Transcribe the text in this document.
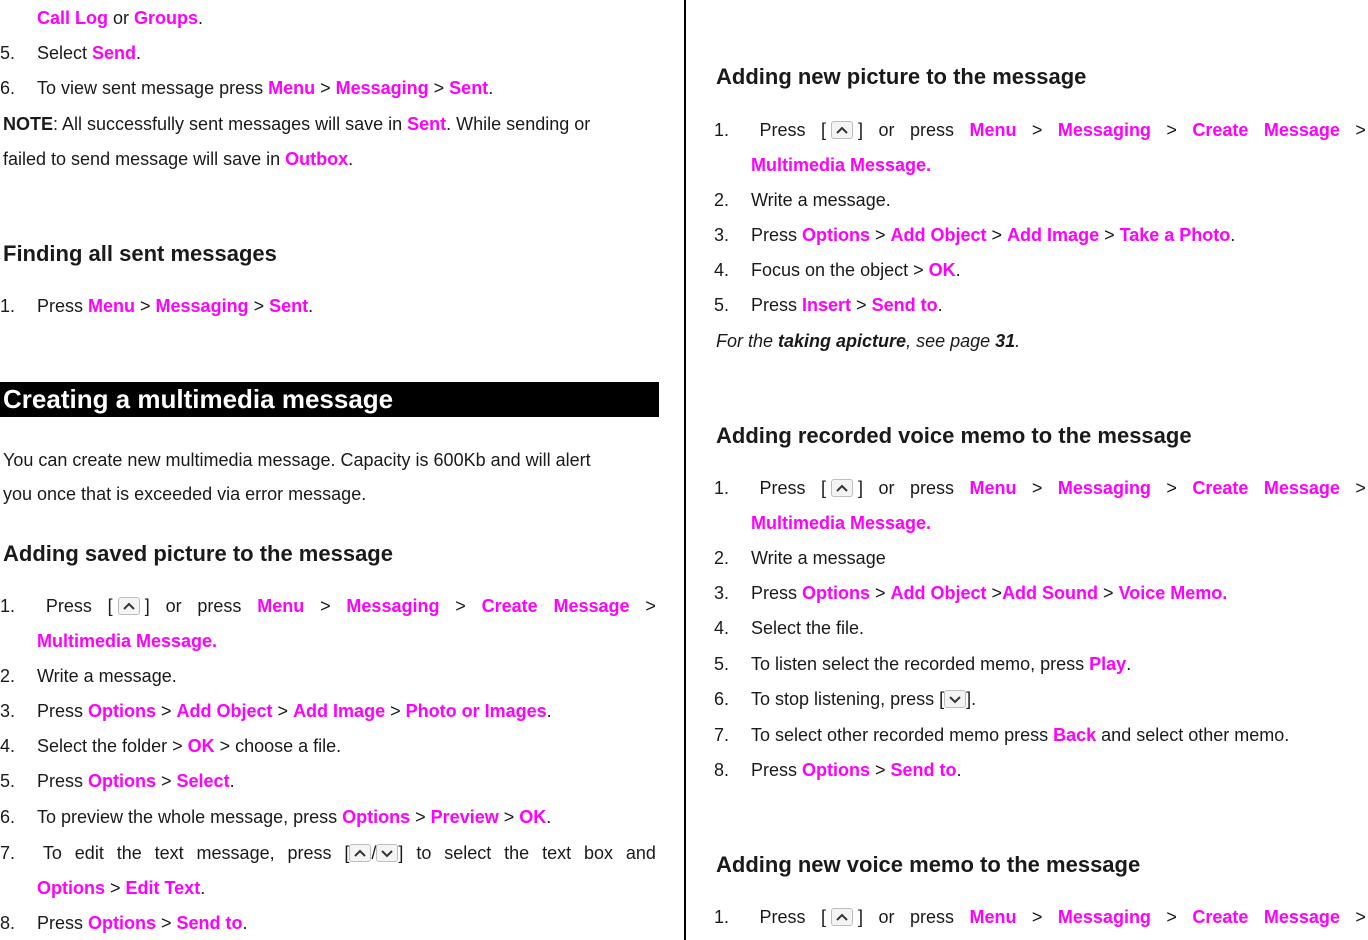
Call Log or Groups.
5. Select Send.
6. To view sent message press Menu > Messaging > Sent.
NOTE: All successfully sent messages will save in Sent. While sending or
failed to send message will save in Outbox.
Finding all sent messages
1. Press Menu > Messaging > Sent.
Creating a multimedia message
You can create new multimedia message. Capacity is 600Kb and will alert
you once that is exceeded via error message.
Adding saved picture to the message
1.	Press [ ] or press Menu > Messaging > Create Message >
Multimedia Message.
2. Write a message.
3. Press Options > Add Object > Add Image > Photo or Images.
4. Select the folder > OK > choose a file.
5. Press Options > Select.
6. To preview the whole message, press Options > Preview > OK.
7.	To edit the text message, press [ / ] to select the text box and
Options > Edit Text.
8. Press Options > Send to.
Adding new picture to the message
1.	Press [ ] or press Menu > Messaging > Create Message >
Multimedia Message.
2. Write a message.
3. Press Options > Add Object > Add Image > Take a Photo.
4. Focus on the object > OK.
5. Press Insert > Send to.
For the taking apicture, see page 31.
Adding recorded voice memo to the message
1.	Press [ ] or press Menu > Messaging > Create Message >
Multimedia Message.
2. Write a message
3. Press Options > Add Object >Add Sound > Voice Memo.
4. Select the file.
5. To listen select the recorded memo, press Play.
6. To stop listening, press [ ].
7. To select other recorded memo press Back and select other memo.
8. Press Options > Send to.
Adding new voice memo to the message
1.	Press [ ] or press Menu > Messaging > Create Message >
